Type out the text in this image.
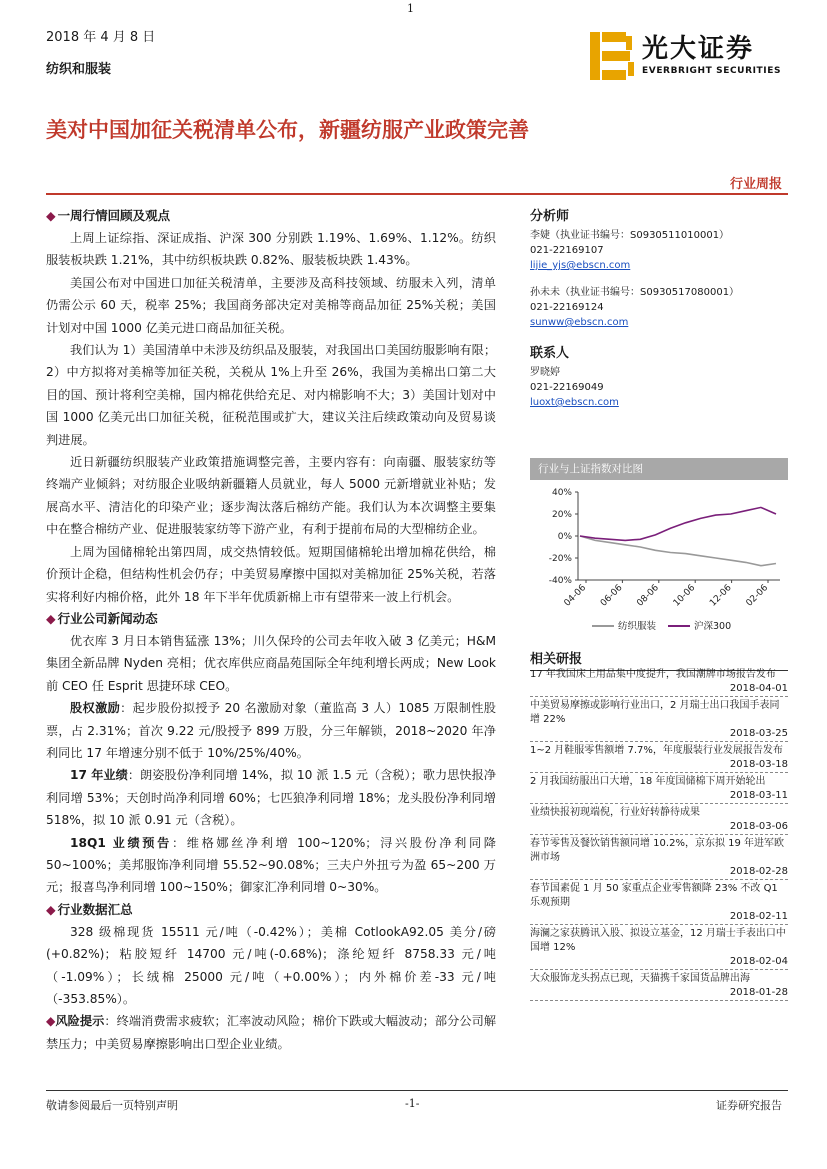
1
2018 年 4 月 8 日
纺织和服装
光大证券
EVERBRIGHT SECURITIES
美对中国加征关税清单公布，新疆纺服产业政策完善
行业周报
◆ 一周行情回顾及观点

上周上证综指、深证成指、沪深 300 分别跌 1.19%、1.69%、1.12%。纺织服装板块跌 1.21%，其中纺织板块跌 0.82%、服装板块跌 1.43%。

美国公布对中国进口加征关税清单，主要涉及高科技领域、纺服未入列，清单仍需公示 60 天，税率 25%；我国商务部决定对美棉等商品加征 25%关税；美国计划对中国 1000 亿美元进口商品加征关税。

我们认为 1）美国清单中未涉及纺织品及服装，对我国出口美国纺服影响有限；2）中方拟将对美棉等加征关税，关税从 1%上升至 26%，我国为美棉出口第二大目的国、预计将利空美棉，国内棉花供给充足、对内棉影响不大；3）美国计划对中国 1000 亿美元出口加征关税，征税范围或扩大，建议关注后续政策动向及贸易谈判进展。

近日新疆纺织服装产业政策措施调整完善，主要内容有：向南疆、服装家纺等终端产业倾斜；对纺服企业吸纳新疆籍人员就业，每人 5000 元新增就业补贴；发展高水平、清洁化的印染产业；逐步淘汰落后棉纺产能。我们认为本次调整主要集中在整合棉纺产业、促进服装家纺等下游产业，有利于提前布局的大型棉纺企业。

上周为国储棉轮出第四周，成交热情较低。短期国储棉轮出增加棉花供给，棉价预计企稳，但结构性机会仍存；中美贸易摩擦中国拟对美棉加征 25%关税，若落实将利好内棉价格，此外 18 年下半年优质新棉上市有望带来一波上行机会。

◆ 行业公司新闻动态

优衣库 3 月日本销售猛涨 13%；川久保玲的公司去年收入破 3 亿美元；H&M 集团全新品牌 Nyden 亮相；优衣库供应商晶苑国际全年纯利增长两成；New Look 前 CEO 任 Esprit 思捷环球 CEO。

股权激励：起步股份拟授予 20 名激励对象（董监高 3 人）1085 万限制性股票，占 2.31%；首次 9.22 元/股授予 899 万股，分三年解锁，2018~2020 年净利同比 17 年增速分别不低于 10%/25%/40%。

17 年业绩：朗姿股份净利同增 14%，拟 10 派 1.5 元（含税）；歌力思快报净利同增 53%；天创时尚净利同增 60%；七匹狼净利同增 18%；龙头股份净利同增 518%，拟 10 派 0.91 元（含税）。

18Q1 业绩预告：维格娜丝净利增 100~120%；浔兴股份净利同降 50~100%；美邦服饰净利同增 55.52~90.08%；三夫户外扭亏为盈 65~200 万元；报喜鸟净利同增 100~150%；御家汇净利同增 0~30%。

◆ 行业数据汇总

328 级棉现货 15511 元/吨（-0.42%）；美棉 CotlookA92.05 美分/磅(+0.82%)；粘胶短纤 14700 元/吨(-0.68%)；涤纶短纤 8758.33 元/吨（-1.09%）；长绒棉 25000 元/吨（+0.00%）；内外棉价差-33 元/吨（-353.85%）。

◆风险提示：终端消费需求疲软；汇率波动风险；棉价下跌或大幅波动；部分公司解禁压力；中美贸易摩擦影响出口型企业业绩。

分析师
李婕（执业证书编号：S0930511010001）
021-22169107
lijie_yjs@ebscn.com
孙未未（执业证书编号：S0930517080001）
021-22169124
sunww@ebscn.com
联系人
罗晓婷
021-22169049
luoxt@ebscn.com
行业与上证指数对比图
40%
20%
0%
-20%
-40%
04-06 06-06 08-06 10-06 12-06 02-06
纺织服装	沪深300
相关研报
17 年我国床上用品集中度提升，我国潮牌市场报告发布
2018-04-01
中美贸易摩擦或影响行业出口，2 月瑞士出口我国手表同增 22%
2018-03-25
1~2 月鞋服零售额增 7.7%，年度服装行业发展报告发布
2018-03-18
2 月我国纺服出口大增，18 年度国储棉下周开始轮出
2018-03-11
业绩快报初现端倪，行业好转静待成果
2018-03-06
春节零售及餐饮销售额同增 10.2%，京东拟 19 年进军欧洲市场
2018-02-28
春节国素促 1 月 50 家重点企业零售额降 23% 不改 Q1 乐观预期
2018-02-11
海澜之家获腾讯入股、拟设立基金，12 月瑞士手表出口中国增 12%
2018-02-04
大众服饰龙头拐点已现，天猫携千家国货品牌出海
2018-01-28
敬请参阅最后一页特别声明	-1-	证券研究报告
